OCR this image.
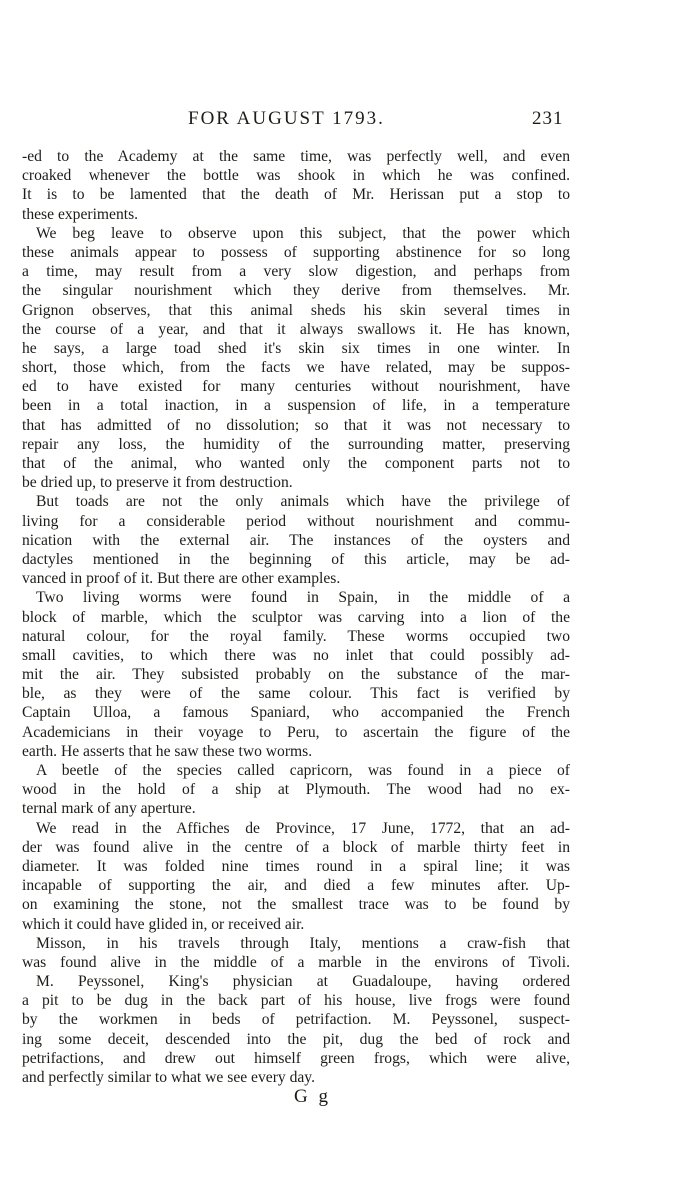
FOR AUGUST 1793.	231
-ed to the Academy at the same time, was perfectly well, and even
croaked whenever the bottle was shook in which he was confined.
It is to be lamented that the death of Mr. Herissan put a stop to
these experiments.
We beg leave to observe upon this subject, that the power which
these animals appear to possess of supporting abstinence for so long
a time, may result from a very slow digestion, and perhaps from
the singular nourishment which they derive from themselves. Mr.
Grignon observes, that this animal sheds his skin several times in
the course of a year, and that it always swallows it. He has known,
he says, a large toad shed it's skin six times in one winter. In
short, those which, from the facts we have related, may be suppos-
ed to have existed for many centuries without nourishment, have
been in a total inaction, in a suspension of life, in a temperature
that has admitted of no dissolution; so that it was not necessary to
repair any loss, the humidity of the surrounding matter, preserving
that of the animal, who wanted only the component parts not to
be dried up, to preserve it from destruction.
But toads are not the only animals which have the privilege of
living for a considerable period without nourishment and commu-
nication with the external air. The instances of the oysters and
dactyles mentioned in the beginning of this article, may be ad-
vanced in proof of it. But there are other examples.
Two living worms were found in Spain, in the middle of a
block of marble, which the sculptor was carving into a lion of the
natural colour, for the royal family. These worms occupied two
small cavities, to which there was no inlet that could possibly ad-
mit the air. They subsisted probably on the substance of the mar-
ble, as they were of the same colour. This fact is verified by
Captain Ulloa, a famous Spaniard, who accompanied the French
Academicians in their voyage to Peru, to ascertain the figure of the
earth. He asserts that he saw these two worms.
A beetle of the species called capricorn, was found in a piece of
wood in the hold of a ship at Plymouth. The wood had no ex-
ternal mark of any aperture.
We read in the Affiches de Province, 17 June, 1772, that an ad-
der was found alive in the centre of a block of marble thirty feet in
diameter. It was folded nine times round in a spiral line; it was
incapable of supporting the air, and died a few minutes after. Up-
on examining the stone, not the smallest trace was to be found by
which it could have glided in, or received air.
Misson, in his travels through Italy, mentions a craw-fish that
was found alive in the middle of a marble in the environs of Tivoli.
M. Peyssonel, King's physician at Guadaloupe, having ordered
a pit to be dug in the back part of his house, live frogs were found
by the workmen in beds of petrifaction. M. Peyssonel, suspect-
ing some deceit, descended into the pit, dug the bed of rock and
petrifactions, and drew out himself green frogs, which were alive,
and perfectly similar to what we see every day.
G g
